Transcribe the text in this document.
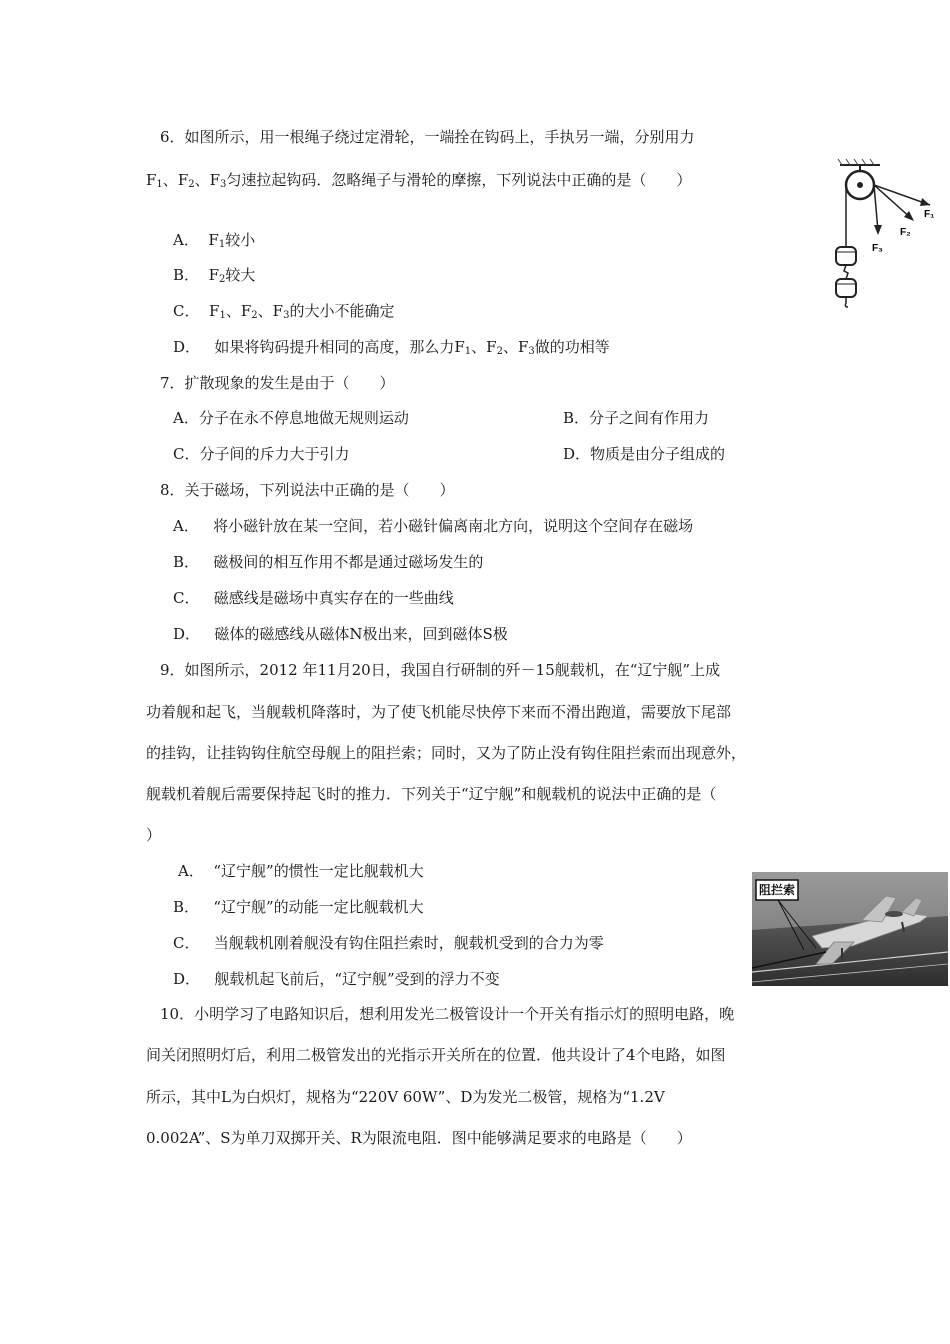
6．如图所示，用一根绳子绕过定滑轮，一端拴在钩码上，手执另一端，分别用力
$F_1$、$F_2$、$F_3$匀速拉起钩码．忽略绳子与滑轮的摩擦，下列说法中正确的是（　　）
A． $F_1$较小
B． $F_2$较大
C． $F_1$、$F_2$、$F_3$的大小不能确定
D． 如果将钩码提升相同的高度，那么力$F_1$、$F_2$、$F_3$做的功相等
F₁
F₂
F₃
7．扩散现象的发生是由于（　　）
A．分子在永不停息地做无规则运动	B．分子之间有作用力
C．分子间的斥力大于引力	D．物质是由分子组成的
8．关于磁场，下列说法中正确的是（　　）
A． 将小磁针放在某一空间，若小磁针偏离南北方向，说明这个空间存在磁场
B． 磁极间的相互作用不都是通过磁场发生的
C． 磁感线是磁场中真实存在的一些曲线
D． 磁体的磁感线从磁体N极出来，回到磁体S极
9．如图所示，2012 年11月20日，我国自行研制的歼－15舰载机，在“辽宁舰”上成
功着舰和起飞，当舰载机降落时，为了使飞机能尽快停下来而不滑出跑道，需要放下尾部
的挂钩，让挂钩钩住航空母舰上的阻拦索；同时，又为了防止没有钩住阻拦索而出现意外，
舰载机着舰后需要保持起飞时的推力．下列关于“辽宁舰”和舰载机的说法中正确的是（
）
A． “辽宁舰”的惯性一定比舰载机大
B． “辽宁舰”的动能一定比舰载机大
C． 当舰载机刚着舰没有钩住阻拦索时，舰载机受到的合力为零
D． 舰载机起飞前后，“辽宁舰”受到的浮力不变
阻拦索
10．小明学习了电路知识后，想利用发光二极管设计一个开关有指示灯的照明电路，晚
间关闭照明灯后，利用二极管发出的光指示开关所在的位置．他共设计了4个电路，如图
所示，其中L为白炽灯，规格为“220V 60W”、D为发光二极管，规格为“1.2V
0.002A”、S为单刀双掷开关、R为限流电阻．图中能够满足要求的电路是（　　）
